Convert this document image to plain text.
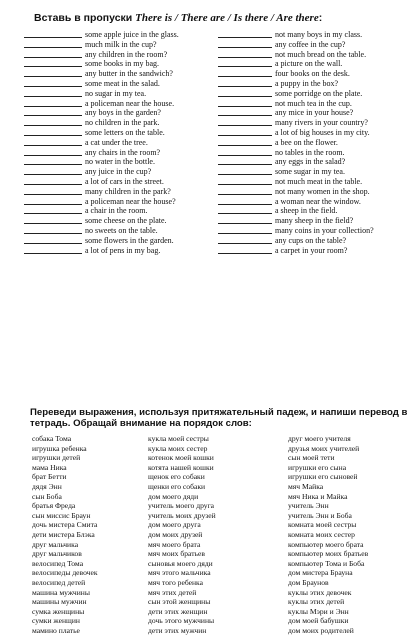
Вставь в пропуски There is / There are / Is there / Are there:
some apple juice in the glass.
much milk in the cup?
any children in the room?
some books in my bag.
any butter in the sandwich?
some meat in the salad.
no sugar in my tea.
a policeman near the house.
any boys in the garden?
no children in the park.
some letters on the table.
a cat under the tree.
any chairs in the room?
no water in the bottle.
any juice in the cup?
a lot of cars in the street.
many children in the park?
a policeman near the house?
a chair in the room.
some cheese on the plate.
no sweets on the table.
some flowers in the garden.
a lot of pens in my bag.
not many boys in my class.
any coffee in the cup?
not much bread on the table.
a picture on the wall.
four books on the desk.
a puppy in the box?
some porridge on the plate.
not much tea in the cup.
any mice in your house?
many rivers in your country?
a lot of big houses in my city.
a bee on the flower.
no tables in the room.
any eggs in the salad?
some sugar in my tea.
not much meat in the table.
not many women in the shop.
a woman near the window.
a sheep in the field.
many sheep in the field?
many coins in your collection?
any cups on the table?
a carpet in your room?
Переведи выражения, используя притяжательный падеж, и напиши перевод в тетрадь. Обращай внимание на порядок слов:
собака Тома
игрушка ребенка
игрушки детей
мама Ника
брат Бетти
дядя Энн
сын Боба
братья Фреда
сын миссис Браун
дочь мистера Смита
дети мистера Блэка
друг мальчика
друг мальчиков
велосипед Тома
велосипеды девочек
велосипед детей
машина мужчины
машины мужчин
сумка женщины
сумки женщин
мамино платье
кукла моей сестры
кукла моих сестер
котенок моей кошки
котята нашей кошки
щенок его собаки
щенки его собаки
дом моего дяди
учитель моего друга
учитель моих друзей
дом моего друга
дом моих друзей
мяч моего брата
мяч моих братьев
сыновья моего дяди
мяч этого мальчика
мяч того ребенка
мяч этих детей
сын этой женщины
дети этих женщин
дочь этого мужчины
дети этих мужчин
друг моего учителя
друзья моих учителей
сын моей тети
игрушки его сына
игрушки его сыновей
мяч Майка
мяч Ника и Майка
учитель Энн
учитель Энн и Боба
комната моей сестры
комната моих сестер
компьютер моего брата
компьютер моих братьев
компьютер Тома и Боба
дом мистера Брауна
дом Браунов
куклы этих девочек
куклы этих детей
куклы Мэри и Энн
дом моей бабушки
дом моих родителей
